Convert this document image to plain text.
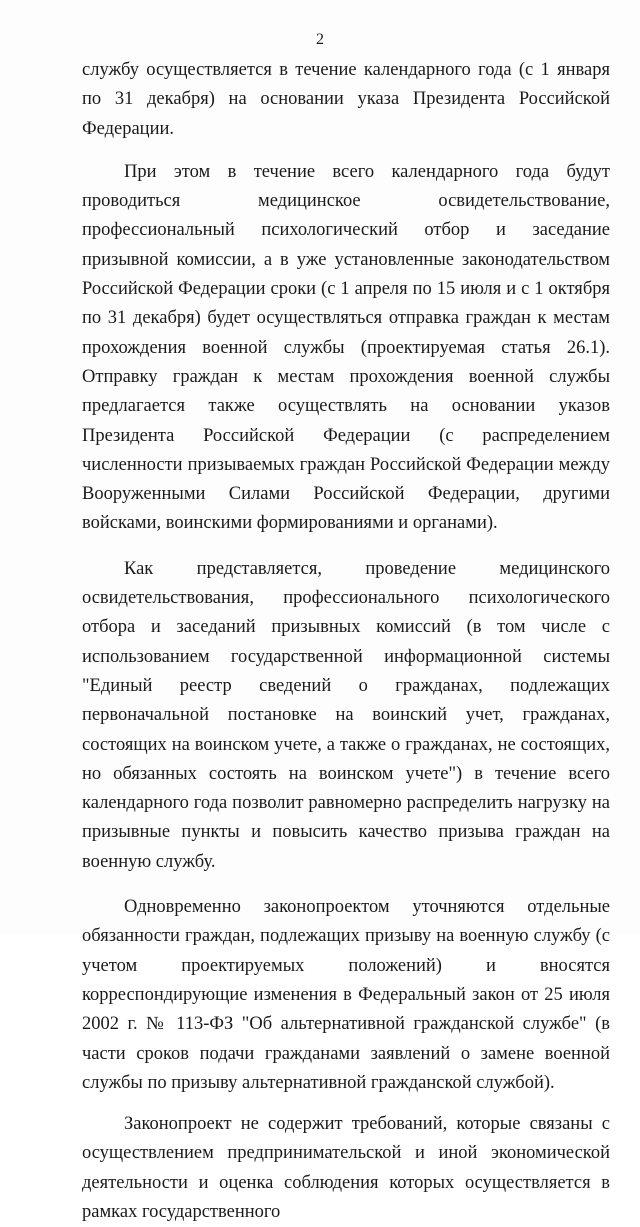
2

службу осуществляется в течение календарного года (с 1 января по 31 декабря) на основании указа Президента Российской Федерации.

При этом в течение всего календарного года будут проводиться медицинское освидетельствование, профессиональный психологический отбор и заседание призывной комиссии, а в уже установленные законодательством Российской Федерации сроки (с 1 апреля по 15 июля и с 1 октября по 31 декабря) будет осуществляться отправка граждан к местам прохождения военной службы (проектируемая статья 26.1). Отправку граждан к местам прохождения военной службы предлагается также осуществлять на основании указов Президента Российской Федерации (с распределением численности призываемых граждан Российской Федерации между Вооруженными Силами Российской Федерации, другими войсками, воинскими формированиями и органами).

Как представляется, проведение медицинского освидетельствования, профессионального психологического отбора и заседаний призывных комиссий (в том числе с использованием государственной информационной системы "Единый реестр сведений о гражданах, подлежащих первоначальной постановке на воинский учет, гражданах, состоящих на воинском учете, а также о гражданах, не состоящих, но обязанных состоять на воинском учете") в течение всего календарного года позволит равномерно распределить нагрузку на призывные пункты и повысить качество призыва граждан на военную службу.

Одновременно законопроектом уточняются отдельные обязанности граждан, подлежащих призыву на военную службу (с учетом проектируемых положений) и вносятся корреспондирующие изменения в Федеральный закон от 25 июля 2002 г. № 113-ФЗ "Об альтернативной гражданской службе" (в части сроков подачи гражданами заявлений о замене военной службы по призыву альтернативной гражданской службой).

Законопроект не содержит требований, которые связаны с осуществлением предпринимательской и иной экономической деятельности и оценка соблюдения которых осуществляется в рамках государственного
